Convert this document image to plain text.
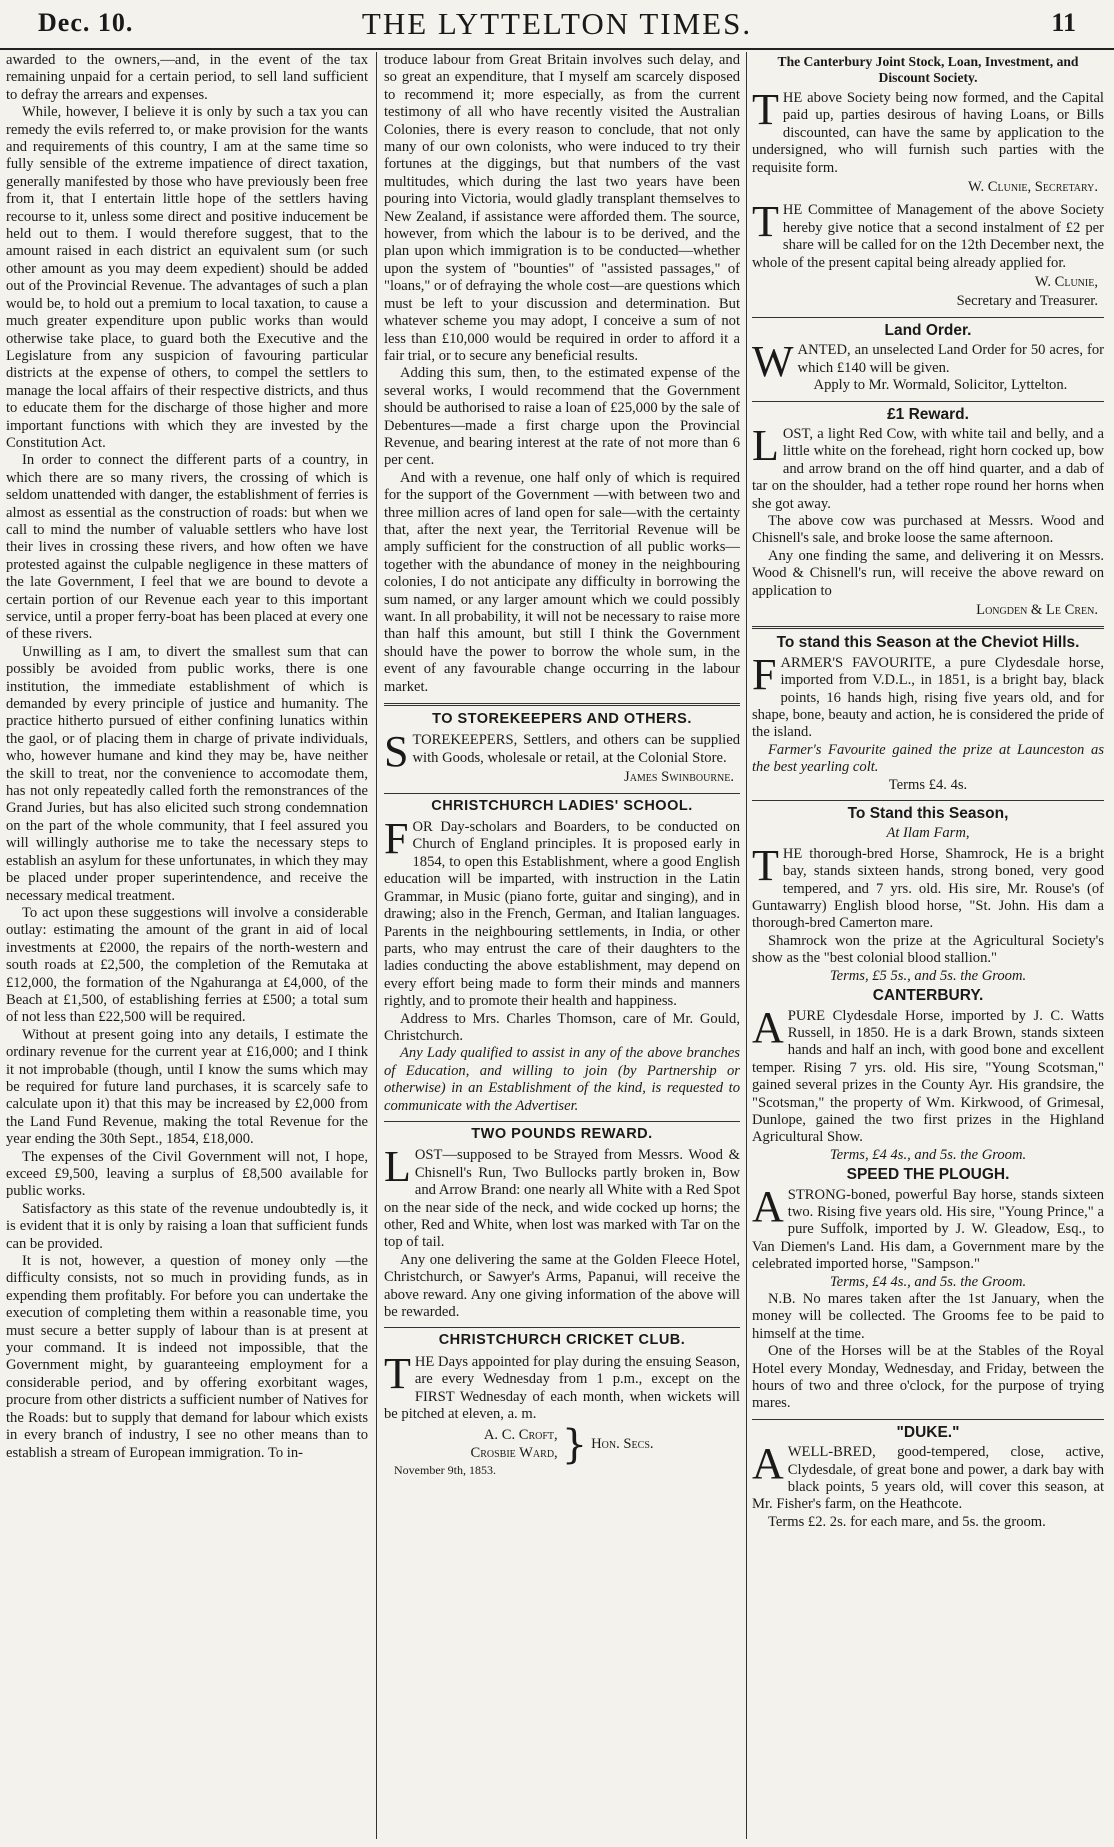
Dec. 10.	THE LYTTELTON TIMES.	11

awarded to the owners,—and, in the event of the tax remaining unpaid for a certain period, to sell land sufficient to defray the arrears and expenses.

While, however, I believe it is only by such a tax you can remedy the evils referred to, or make provision for the wants and requirements of this country, I am at the same time so fully sensible of the extreme impatience of direct taxation, generally manifested by those who have previously been free from it, that I entertain little hope of the settlers having recourse to it, unless some direct and positive inducement be held out to them. I would therefore suggest, that to the amount raised in each district an equivalent sum (or such other amount as you may deem expedient) should be added out of the Provincial Revenue. The advantages of such a plan would be, to hold out a premium to local taxation, to cause a much greater expenditure upon public works than would otherwise take place, to guard both the Executive and the Legislature from any suspicion of favouring particular districts at the expense of others, to compel the settlers to manage the local affairs of their respective districts, and thus to educate them for the discharge of those higher and more important functions with which they are invested by the Constitution Act.

In order to connect the different parts of a country, in which there are so many rivers, the crossing of which is seldom unattended with danger, the establishment of ferries is almost as essential as the construction of roads: but when we call to mind the number of valuable settlers who have lost their lives in crossing these rivers, and how often we have protested against the culpable negligence in these matters of the late Government, I feel that we are bound to devote a certain portion of our Revenue each year to this important service, until a proper ferry-boat has been placed at every one of these rivers.

Unwilling as I am, to divert the smallest sum that can possibly be avoided from public works, there is one institution, the immediate establishment of which is demanded by every principle of justice and humanity. The practice hitherto pursued of either confining lunatics within the gaol, or of placing them in charge of private individuals, who, however humane and kind they may be, have neither the skill to treat, nor the convenience to accomodate them, has not only repeatedly called forth the remonstrances of the Grand Juries, but has also elicited such strong condemnation on the part of the whole community, that I feel assured you will willingly authorise me to take the necessary steps to establish an asylum for these unfortunates, in which they may be placed under proper superintendence, and receive the necessary medical treatment.

To act upon these suggestions will involve a considerable outlay: estimating the amount of the grant in aid of local investments at £2000, the repairs of the north-western and south roads at £2,500, the completion of the Remutaka at £12,000, the formation of the Ngahuranga at £4,000, of the Beach at £1,500, of establishing ferries at £500; a total sum of not less than £22,500 will be required.

Without at present going into any details, I estimate the ordinary revenue for the current year at £16,000; and I think it not improbable (though, until I know the sums which may be required for future land purchases, it is scarcely safe to calculate upon it) that this may be increased by £2,000 from the Land Fund Revenue, making the total Revenue for the year ending the 30th Sept., 1854, £18,000.

The expenses of the Civil Government will not, I hope, exceed £9,500, leaving a surplus of £8,500 available for public works.

Satisfactory as this state of the revenue undoubtedly is, it is evident that it is only by raising a loan that sufficient funds can be provided.

It is not, however, a question of money only —the difficulty consists, not so much in providing funds, as in expending them profitably. For before you can undertake the execution of completing them within a reasonable time, you must secure a better supply of labour than is at present at your command. It is indeed not impossible, that the Government might, by guaranteeing employment for a considerable period, and by offering exorbitant wages, procure from other districts a sufficient number of Natives for the Roads: but to supply that demand for labour which exists in every branch of industry, I see no other means than to establish a stream of European immigration. To in-

troduce labour from Great Britain involves such delay, and so great an expenditure, that I myself am scarcely disposed to recommend it; more especially, as from the current testimony of all who have recently visited the Australian Colonies, there is every reason to conclude, that not only many of our own colonists, who were induced to try their fortunes at the diggings, but that numbers of the vast multitudes, which during the last two years have been pouring into Victoria, would gladly transplant themselves to New Zealand, if assistance were afforded them. The source, however, from which the labour is to be derived, and the plan upon which immigration is to be conducted—whether upon the system of "bounties" of "assisted passages," of "loans," or of defraying the whole cost—are questions which must be left to your discussion and determination. But whatever scheme you may adopt, I conceive a sum of not less than £10,000 would be required in order to afford it a fair trial, or to secure any beneficial results.

Adding this sum, then, to the estimated expense of the several works, I would recommend that the Government should be authorised to raise a loan of £25,000 by the sale of Debentures—made a first charge upon the Provincial Revenue, and bearing interest at the rate of not more than 6 per cent.

And with a revenue, one half only of which is required for the support of the Government —with between two and three million acres of land open for sale—with the certainty that, after the next year, the Territorial Revenue will be amply sufficient for the construction of all public works—together with the abundance of money in the neighbouring colonies, I do not anticipate any difficulty in borrowing the sum named, or any larger amount which we could possibly want. In all probability, it will not be necessary to raise more than half this amount, but still I think the Government should have the power to borrow the whole sum, in the event of any favourable change occurring in the labour market.

TO STOREKEEPERS AND OTHERS.

STOREKEEPERS, Settlers, and others can be supplied with Goods, wholesale or retail, at the Colonial Store.

James Swinbourne.
CHRISTCHURCH LADIES' SCHOOL.

FOR Day-scholars and Boarders, to be conducted on Church of England principles. It is proposed early in 1854, to open this Establishment, where a good English education will be imparted, with instruction in the Latin Grammar, in Music (piano forte, guitar and singing), and in drawing; also in the French, German, and Italian languages. Parents in the neighbouring settlements, in India, or other parts, who may entrust the care of their daughters to the ladies conducting the above establishment, may depend on every effort being made to form their minds and manners rightly, and to promote their health and happiness.

Address to Mrs. Charles Thomson, care of Mr. Gould, Christchurch.

Any Lady qualified to assist in any of the above branches of Education, and willing to join (by Partnership or otherwise) in an Establishment of the kind, is requested to communicate with the Advertiser.

TWO POUNDS REWARD.

LOST—supposed to be Strayed from Messrs. Wood & Chisnell's Run, Two Bullocks partly broken in, Bow and Arrow Brand: one nearly all White with a Red Spot on the near side of the neck, and wide cocked up horns; the other, Red and White, when lost was marked with Tar on the top of tail.

Any one delivering the same at the Golden Fleece Hotel, Christchurch, or Sawyer's Arms, Papanui, will receive the above reward. Any one giving information of the above will be rewarded.

CHRISTCHURCH CRICKET CLUB.

THE Days appointed for play during the ensuing Season, are every Wednesday from 1 p.m., except on the FIRST Wednesday of each month, when wickets will be pitched at eleven, a. m.

A. C. Croft,
Crosbie Ward, } Hon. Secs.
November 9th, 1853.
The Canterbury Joint Stock, Loan, Investment, and Discount Society.

THE above Society being now formed, and the Capital paid up, parties desirous of having Loans, or Bills discounted, can have the same by application to the undersigned, who will furnish such parties with the requisite form.

W. Clunie, Secretary.

THE Committee of Management of the above Society hereby give notice that a second instalment of £2 per share will be called for on the 12th December next, the whole of the present capital being already applied for.

W. Clunie,
Secretary and Treasurer.
Land Order.

WANTED, an unselected Land Order for 50 acres, for which £140 will be given.

Apply to Mr. Wormald, Solicitor, Lyttelton.

£1 Reward.

LOST, a light Red Cow, with white tail and belly, and a little white on the forehead, right horn cocked up, bow and arrow brand on the off hind quarter, and a dab of tar on the shoulder, had a tether rope round her horns when she got away.

The above cow was purchased at Messrs. Wood and Chisnell's sale, and broke loose the same afternoon.

Any one finding the same, and delivering it on Messrs. Wood & Chisnell's run, will receive the above reward on application to

Longden & Le Cren.
To stand this Season at the Cheviot Hills.

FARMER'S FAVOURITE, a pure Clydesdale horse, imported from V.D.L., in 1851, is a bright bay, black points, 16 hands high, rising five years old, and for shape, bone, beauty and action, he is considered the pride of the island.

Farmer's Favourite gained the prize at Launceston as the best yearling colt.

Terms £4. 4s.
To Stand this Season,
At Ilam Farm,

THE thorough-bred Horse, Shamrock, He is a bright bay, stands sixteen hands, strong boned, very good tempered, and 7 yrs. old. His sire, Mr. Rouse's (of Guntawarry) English blood horse, "St. John. His dam a thorough-bred Camerton mare.

Shamrock won the prize at the Agricultural Society's show as the "best colonial blood stallion."

Terms, £5 5s., and 5s. the Groom.
CANTERBURY.

APURE Clydesdale Horse, imported by J. C. Watts Russell, in 1850. He is a dark Brown, stands sixteen hands and half an inch, with good bone and excellent temper. Rising 7 yrs. old. His sire, "Young Scotsman," gained several prizes in the County Ayr. His grandsire, the "Scotsman," the property of Wm. Kirkwood, of Grimesal, Dunlope, gained the two first prizes in the Highland Agricultural Show.

Terms, £4 4s., and 5s. the Groom.
SPEED THE PLOUGH.

ASTRONG-boned, powerful Bay horse, stands sixteen two. Rising five years old. His sire, "Young Prince," a pure Suffolk, imported by J. W. Gleadow, Esq., to Van Diemen's Land. His dam, a Government mare by the celebrated imported horse, "Sampson."

Terms, £4 4s., and 5s. the Groom.

N.B. No mares taken after the 1st January, when the money will be collected. The Grooms fee to be paid to himself at the time.

One of the Horses will be at the Stables of the Royal Hotel every Monday, Wednesday, and Friday, between the hours of two and three o'clock, for the purpose of trying mares.

"DUKE."

AWELL-BRED, good-tempered, close, active, Clydesdale, of great bone and power, a dark bay with black points, 5 years old, will cover this season, at Mr. Fisher's farm, on the Heathcote.

Terms £2. 2s. for each mare, and 5s. the groom.
